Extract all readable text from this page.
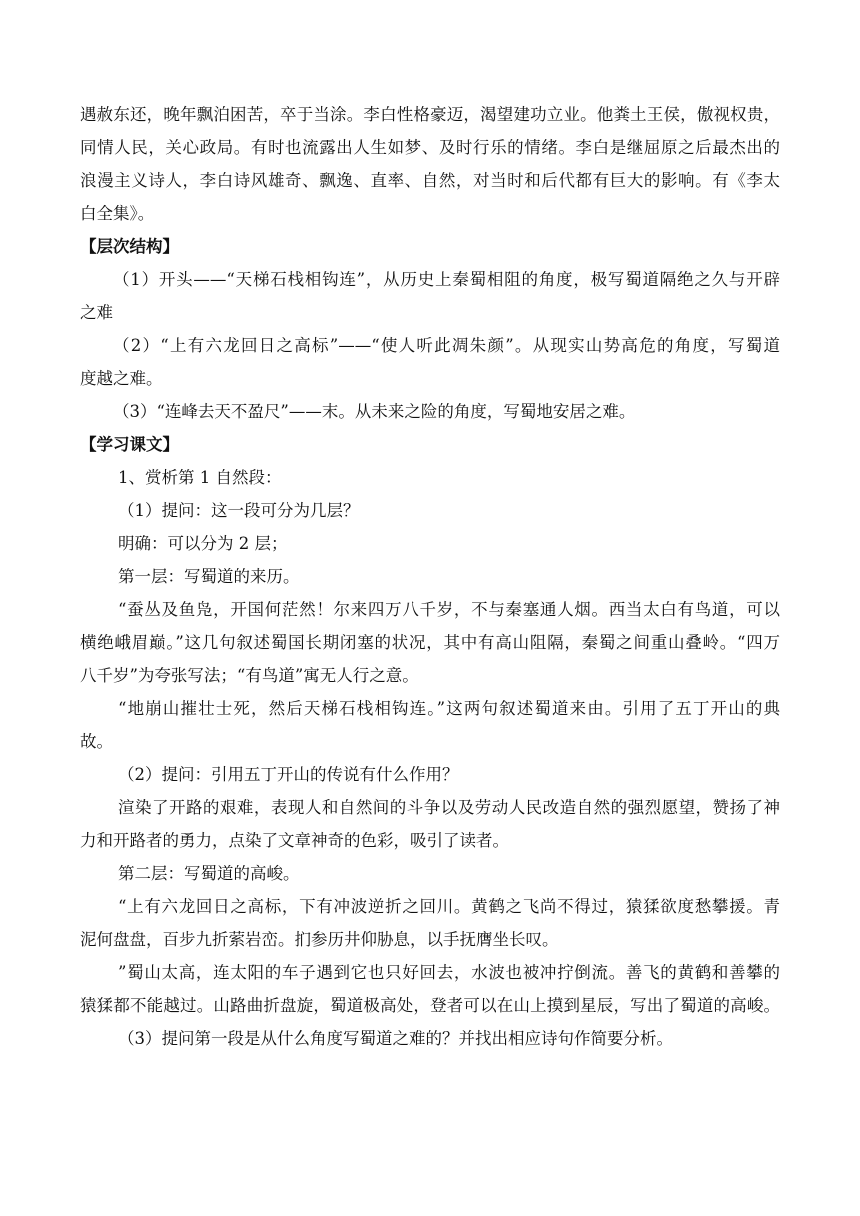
遇赦东还，晚年飘泊困苦，卒于当涂。李白性格豪迈，渴望建功立业。他粪土王侯，傲视权贵，
同情人民，关心政局。有时也流露出人生如梦、及时行乐的情绪。李白是继屈原之后最杰出的
浪漫主义诗人，李白诗风雄奇、飘逸、直率、自然，对当时和后代都有巨大的影响。有《李太
白全集》。
【层次结构】
（1）开头——“天梯石栈相钩连”，从历史上秦蜀相阻的角度，极写蜀道隔绝之久与开辟
之难
（2）“上有六龙回日之高标”——“使人听此凋朱颜”。从现实山势高危的角度，写蜀道
度越之难。
（3）“连峰去天不盈尺”——末。从未来之险的角度，写蜀地安居之难。
【学习课文】
1、赏析第 1 自然段：
（1）提问：这一段可分为几层？
明确：可以分为 2 层；
第一层：写蜀道的来历。
“蚕丛及鱼凫，开国何茫然！尔来四万八千岁，不与秦塞通人烟。西当太白有鸟道，可以
横绝峨眉巅。”这几句叙述蜀国长期闭塞的状况，其中有高山阻隔，秦蜀之间重山叠岭。“四万
八千岁”为夸张写法；“有鸟道”寓无人行之意。
“地崩山摧壮士死，然后天梯石栈相钩连。”这两句叙述蜀道来由。引用了五丁开山的典
故。
（2）提问：引用五丁开山的传说有什么作用？
渲染了开路的艰难，表现人和自然间的斗争以及劳动人民改造自然的强烈愿望，赞扬了神
力和开路者的勇力，点染了文章神奇的色彩，吸引了读者。
第二层：写蜀道的高峻。
“上有六龙回日之高标，下有冲波逆折之回川。黄鹤之飞尚不得过，猿猱欲度愁攀援。青
泥何盘盘，百步九折萦岩峦。扪参历井仰胁息，以手抚膺坐长叹。
”蜀山太高，连太阳的车子遇到它也只好回去，水波也被冲拧倒流。善飞的黄鹤和善攀的
猿猱都不能越过。山路曲折盘旋，蜀道极高处，登者可以在山上摸到星辰，写出了蜀道的高峻。
（3）提问第一段是从什么角度写蜀道之难的？并找出相应诗句作简要分析。
